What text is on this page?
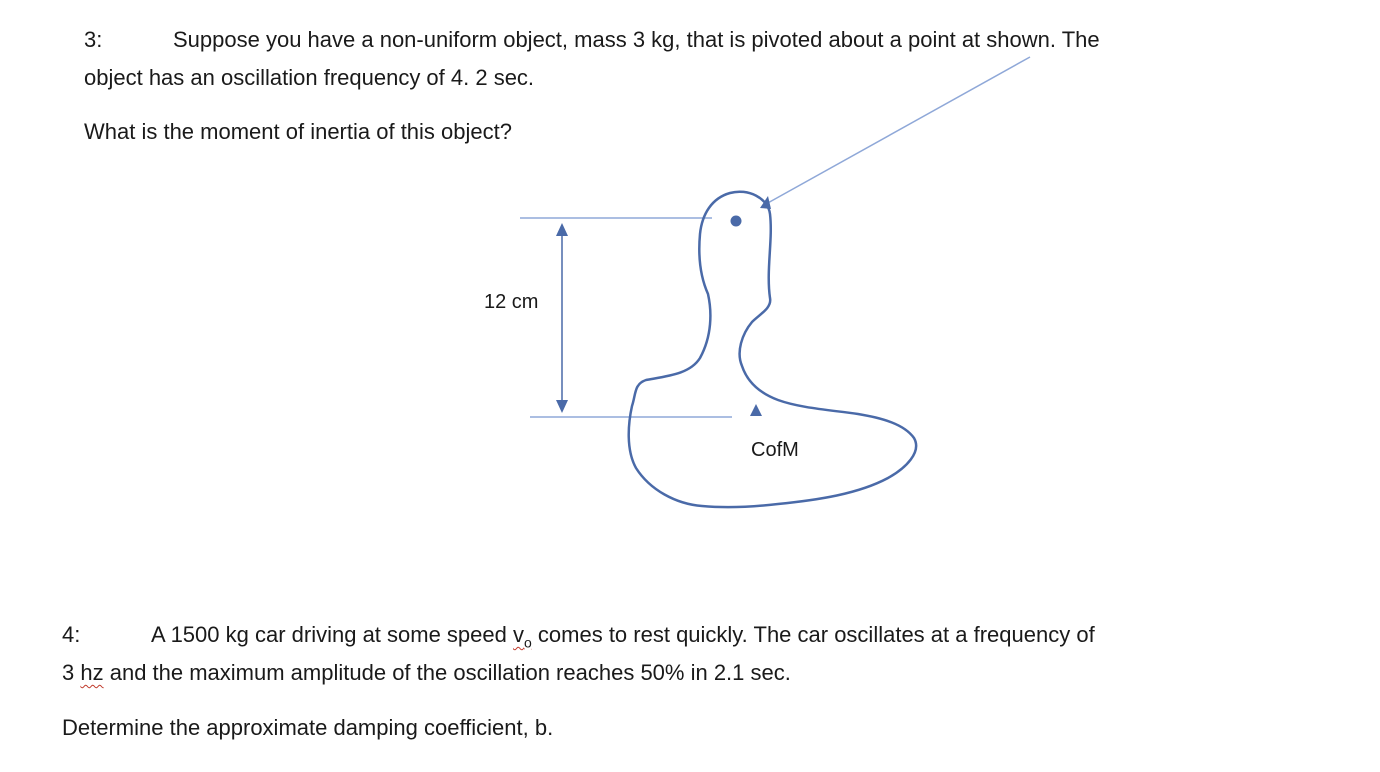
3:	Suppose you have a non-uniform object, mass 3 kg, that is pivoted about a point at shown. The
object has an oscillation frequency of 4. 2 sec.
What is the moment of inertia of this object?
12 cm
CofM
4:	A 1500 kg car driving at some speed $v_o$ comes to rest quickly. The car oscillates at a frequency of
3 hz and the maximum amplitude of the oscillation reaches 50% in 2.1 sec.
Determine the approximate damping coefficient, b.
